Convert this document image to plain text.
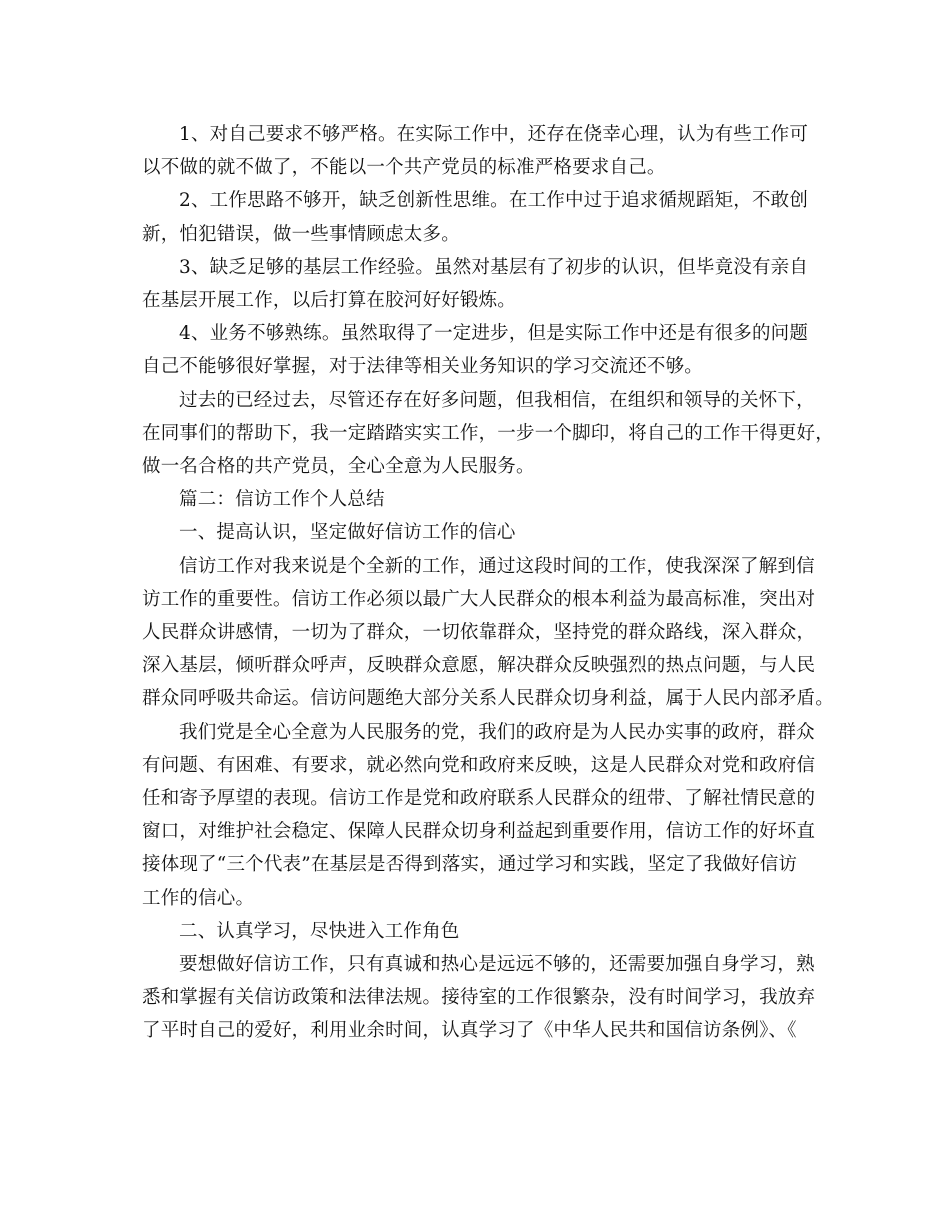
1、对自己要求不够严格。在实际工作中，还存在侥幸心理，认为有些工作可
以不做的就不做了，不能以一个共产党员的标准严格要求自己。
2、工作思路不够开，缺乏创新性思维。在工作中过于追求循规蹈矩，不敢创
新，怕犯错误，做一些事情顾虑太多。
3、缺乏足够的基层工作经验。虽然对基层有了初步的认识，但毕竟没有亲自
在基层开展工作，以后打算在胶河好好锻炼。
4、业务不够熟练。虽然取得了一定进步，但是实际工作中还是有很多的问题
自己不能够很好掌握，对于法律等相关业务知识的学习交流还不够。
过去的已经过去，尽管还存在好多问题，但我相信，在组织和领导的关怀下，
在同事们的帮助下，我一定踏踏实实工作，一步一个脚印，将自己的工作干得更好，
做一名合格的共产党员，全心全意为人民服务。
篇二：信访工作个人总结
一、提高认识，坚定做好信访工作的信心
信访工作对我来说是个全新的工作，通过这段时间的工作，使我深深了解到信
访工作的重要性。信访工作必须以最广大人民群众的根本利益为最高标准，突出对
人民群众讲感情，一切为了群众，一切依靠群众，坚持党的群众路线，深入群众，
深入基层，倾听群众呼声，反映群众意愿，解决群众反映强烈的热点问题，与人民
群众同呼吸共命运。信访问题绝大部分关系人民群众切身利益，属于人民内部矛盾。
我们党是全心全意为人民服务的党，我们的政府是为人民办实事的政府，群众
有问题、有困难、有要求，就必然向党和政府来反映，这是人民群众对党和政府信
任和寄予厚望的表现。信访工作是党和政府联系人民群众的纽带、了解社情民意的
窗口，对维护社会稳定、保障人民群众切身利益起到重要作用，信访工作的好坏直
接体现了“三个代表”在基层是否得到落实，通过学习和实践，坚定了我做好信访
工作的信心。
二、认真学习，尽快进入工作角色
要想做好信访工作，只有真诚和热心是远远不够的，还需要加强自身学习，熟
悉和掌握有关信访政策和法律法规。接待室的工作很繁杂，没有时间学习，我放弃
了平时自己的爱好，利用业余时间，认真学习了《中华人民共和国信访条例》、《
